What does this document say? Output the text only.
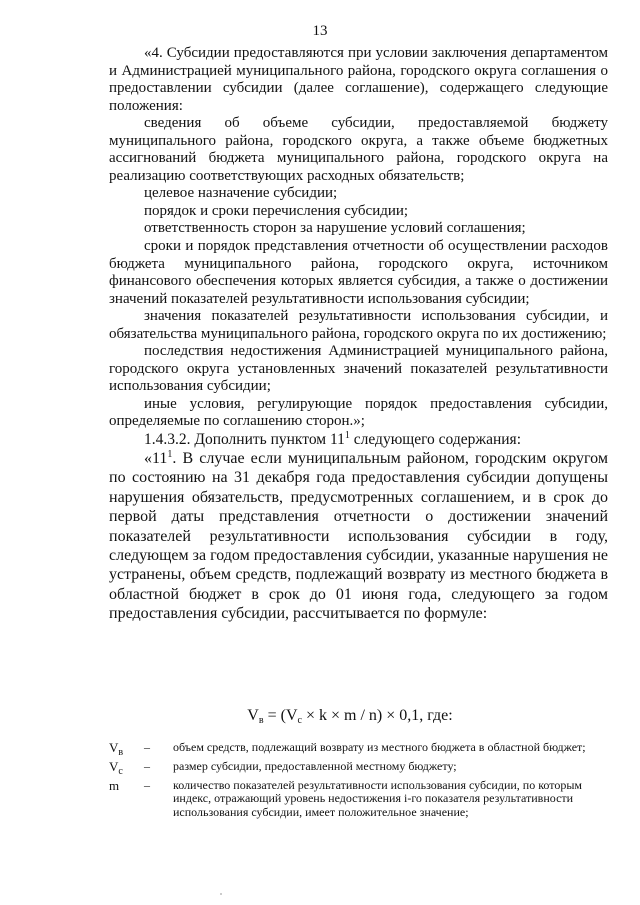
13

«4. Субсидии предоставляются при условии заключения департаментом и Администрацией муниципального района, городского округа соглашения о предоставлении субсидии (далее соглашение), содержащего следующие положения:

сведения об объеме субсидии, предоставляемой бюджету муниципального района, городского округа, а также объеме бюджетных ассигнований бюджета муниципального района, городского округа на реализацию соответствующих расходных обязательств;

целевое назначение субсидии;

порядок и сроки перечисления субсидии;

ответственность сторон за нарушение условий соглашения;

сроки и порядок представления отчетности об осуществлении расходов бюджета муниципального района, городского округа, источником финансового обеспечения которых является субсидия, а также о достижении значений показателей результативности использования субсидии;

значения показателей результативности использования субсидии, и обязательства муниципального района, городского округа по их достижению;

последствия недостижения Администрацией муниципального района, городского округа установленных значений показателей результативности использования субсидии;

иные условия, регулирующие порядок предоставления субсидии, определяемые по соглашению сторон.»;

1.4.3.2. Дополнить пунктом $11^1$ следующего содержания:

«$11^1$. В случае если муниципальным районом, городским округом по состоянию на 31 декабря года предоставления субсидии допущены нарушения обязательств, предусмотренных соглашением, и в срок до первой даты представления отчетности о достижении значений показателей результативности использования субсидии в году, следующем за годом предоставления субсидии, указанные нарушения не устранены, объем средств, подлежащий возврату из местного бюджета в областной бюджет в срок до 01 июня года, следующего за годом предоставления субсидии, рассчитывается по формуле:

$V_в = (V_с \times k \times m / n) \times 0,1$, где:
$V_в$	–	объем средств, подлежащий возврату из местного бюджета в областной бюджет;
$V_с$	–	размер субсидии, предоставленной местному бюджету;
m	–	количество показателей результативности использования субсидии, по которым индекс, отражающий уровень недостижения i-го показателя результативности использования субсидии, имеет положительное значение;
